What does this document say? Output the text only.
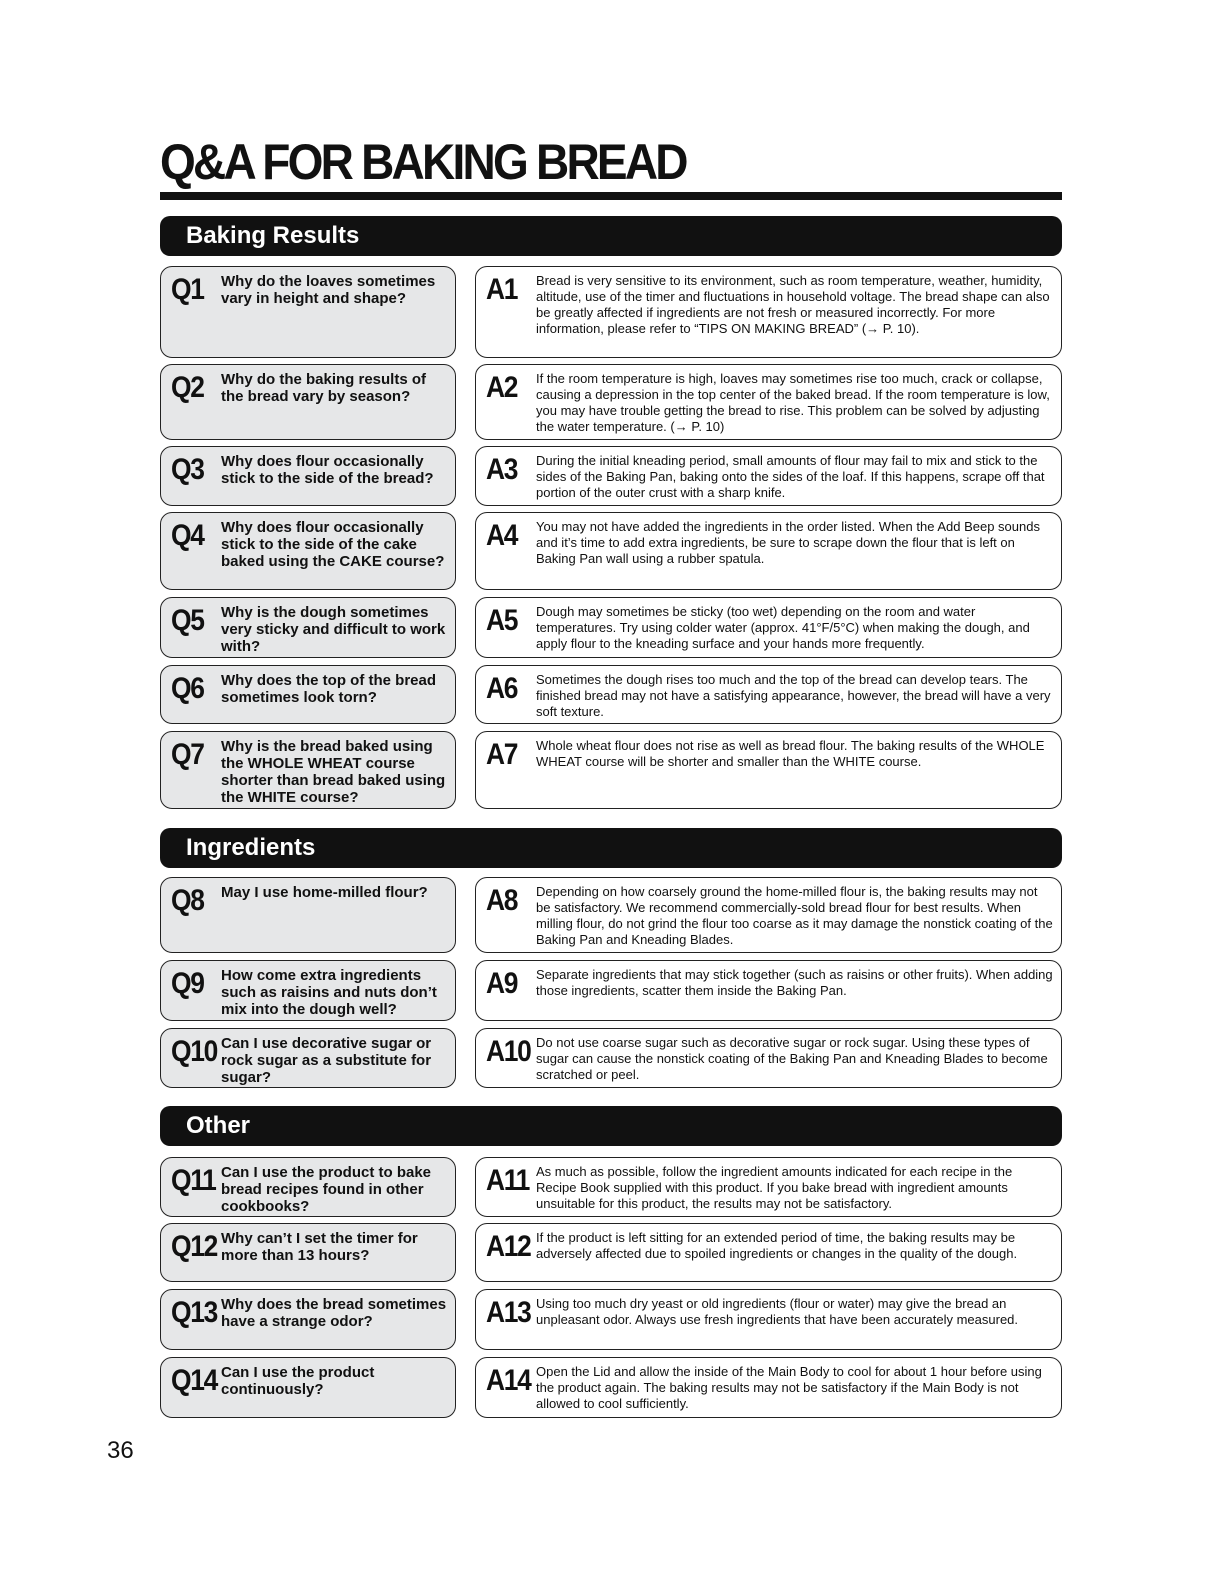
Q&A FOR BAKING BREAD
Baking Results
Q1 Why do the loaves sometimes vary in height and shape?	A1 Bread is very sensitive to its environment, such as room temperature, weather, humidity, altitude, use of the timer and fluctuations in household voltage. The bread shape can also be greatly affected if ingredients are not fresh or measured incorrectly. For more information, please refer to “TIPS ON MAKING BREAD” (→ P. 10).
Q2 Why do the baking results of the bread vary by season?	A2 If the room temperature is high, loaves may sometimes rise too much, crack or collapse, causing a depression in the top center of the baked bread. If the room temperature is low, you may have trouble getting the bread to rise. This problem can be solved by adjusting the water temperature. (→ P. 10)
Q3 Why does flour occasionally stick to the side of the bread?	A3 During the initial kneading period, small amounts of flour may fail to mix and stick to the sides of the Baking Pan, baking onto the sides of the loaf. If this happens, scrape off that portion of the outer crust with a sharp knife.
Q4 Why does flour occasionally stick to the side of the cake baked using the CAKE course?
A4 You may not have added the ingredients in the order listed. When the Add Beep sounds and it’s time to add extra ingredients, be sure to scrape down the flour that is left on Baking Pan wall using a rubber spatula.
Q5 Why is the dough sometimes very sticky and difficult to work with?
A5 Dough may sometimes be sticky (too wet) depending on the room and water temperatures. Try using colder water (approx. 41°F/5°C) when making the dough, and apply flour to the kneading surface and your hands more frequently.
Q6 Why does the top of the bread sometimes look torn?	A6 Sometimes the dough rises too much and the top of the bread can develop tears. The finished bread may not have a satisfying appearance, however, the bread will have a very soft texture.
Q7 Why is the bread baked using the WHOLE WHEAT course shorter than bread baked using the WHITE course?
A7 Whole wheat flour does not rise as well as bread flour. The baking results of the WHOLE WHEAT course will be shorter and smaller than the WHITE course.
Ingredients
Q8 May I use home-milled flour?	A8 Depending on how coarsely ground the home-milled flour is, the baking results may not be satisfactory. We recommend commercially-sold bread flour for best results. When milling flour, do not grind the flour too coarse as it may damage the nonstick coating of the Baking Pan and Kneading Blades.
Q9 How come extra ingredients such as raisins and nuts don’t mix into the dough well?
A9 Separate ingredients that may stick together (such as raisins or other fruits). When adding those ingredients, scatter them inside the Baking Pan.
Q10 Can I use decorative sugar or rock sugar as a substitute for sugar?
A10 Do not use coarse sugar such as decorative sugar or rock sugar. Using these types of sugar can cause the nonstick coating of the Baking Pan and Kneading Blades to become scratched or peel.
Other
Q11 Can I use the product to bake bread recipes found in other cookbooks?
A11 As much as possible, follow the ingredient amounts indicated for each recipe in the Recipe Book supplied with this product. If you bake bread with ingredient amounts unsuitable for this product, the results may not be satisfactory.
Q12 Why can’t I set the timer for more than 13 hours?	A12 If the product is left sitting for an extended period of time, the baking results may be adversely affected due to spoiled ingredients or changes in the quality of the dough.
Q13 Why does the bread sometimes have a strange odor?	A13 Using too much dry yeast or old ingredients (flour or water) may give the bread an unpleasant odor. Always use fresh ingredients that have been accurately measured.
Q14 Can I use the product continuously?	A14 Open the Lid and allow the inside of the Main Body to cool for about 1 hour before using the product again. The baking results may not be satisfactory if the Main Body is not allowed to cool sufficiently.
36
